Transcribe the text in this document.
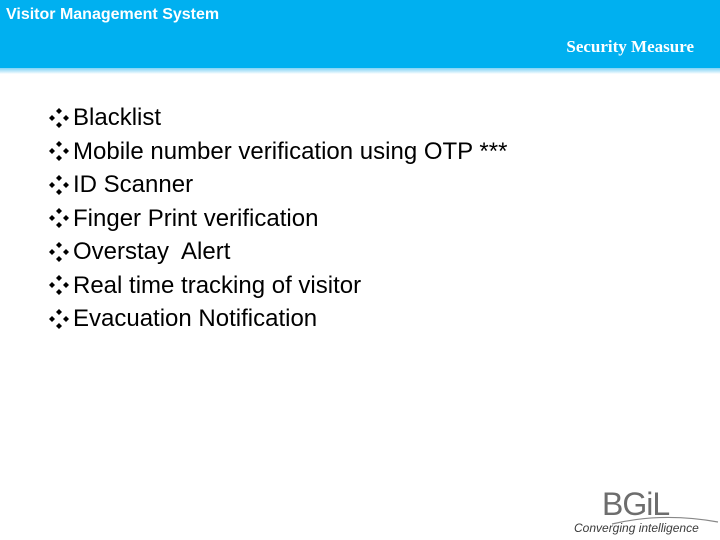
Visitor Management System
Security Measure
Blacklist
Mobile number verification using OTP ***
ID Scanner
Finger Print verification
Overstay  Alert
Real time tracking of visitor
Evacuation Notification
BGiL
Converging intelligence
